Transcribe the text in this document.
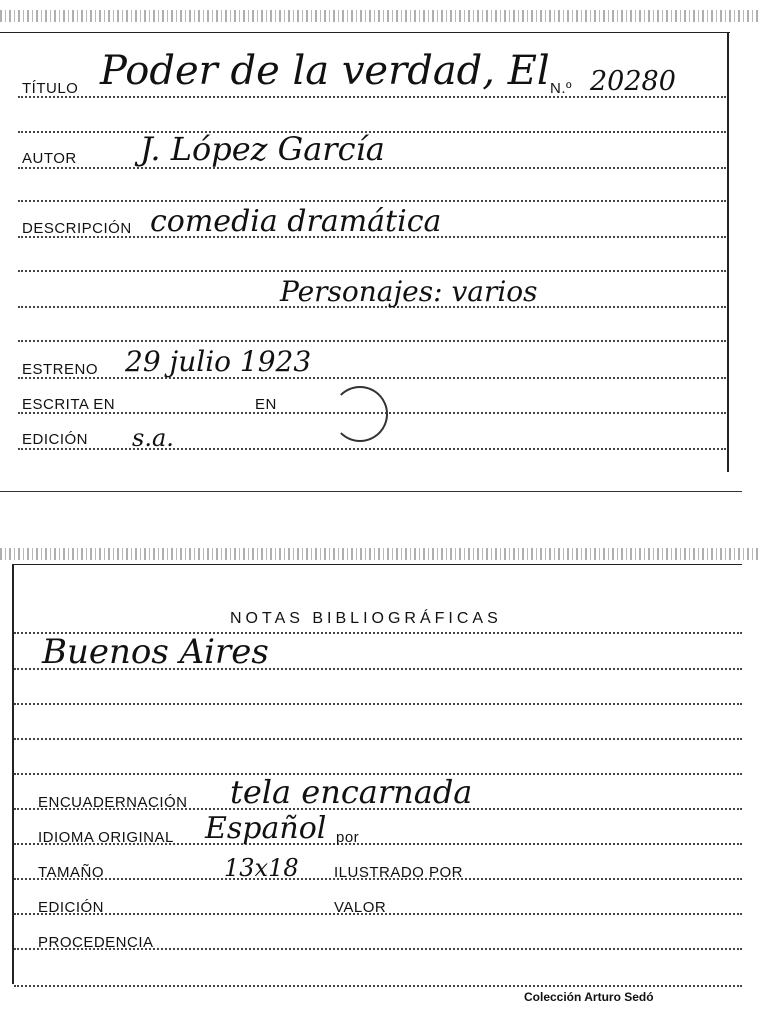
TÍTULO Poder de la verdad, El N.º 20280
AUTOR J. López García
DESCRIPCIÓN comedia dramática
Personajes: varios
ESTRENO 29 julio 1923
ESCRITA EN	EN
EDICIÓN s.a.
NOTAS BIBLIOGRÁFICAS
Buenos Aires
ENCUADERNACIÓN tela encarnada
IDIOMA ORIGINAL Español por
TAMAÑO	13x18 ILUSTRADO POR
EDICIÓN	VALOR
PROCEDENCIA
Colección Arturo Sedó
